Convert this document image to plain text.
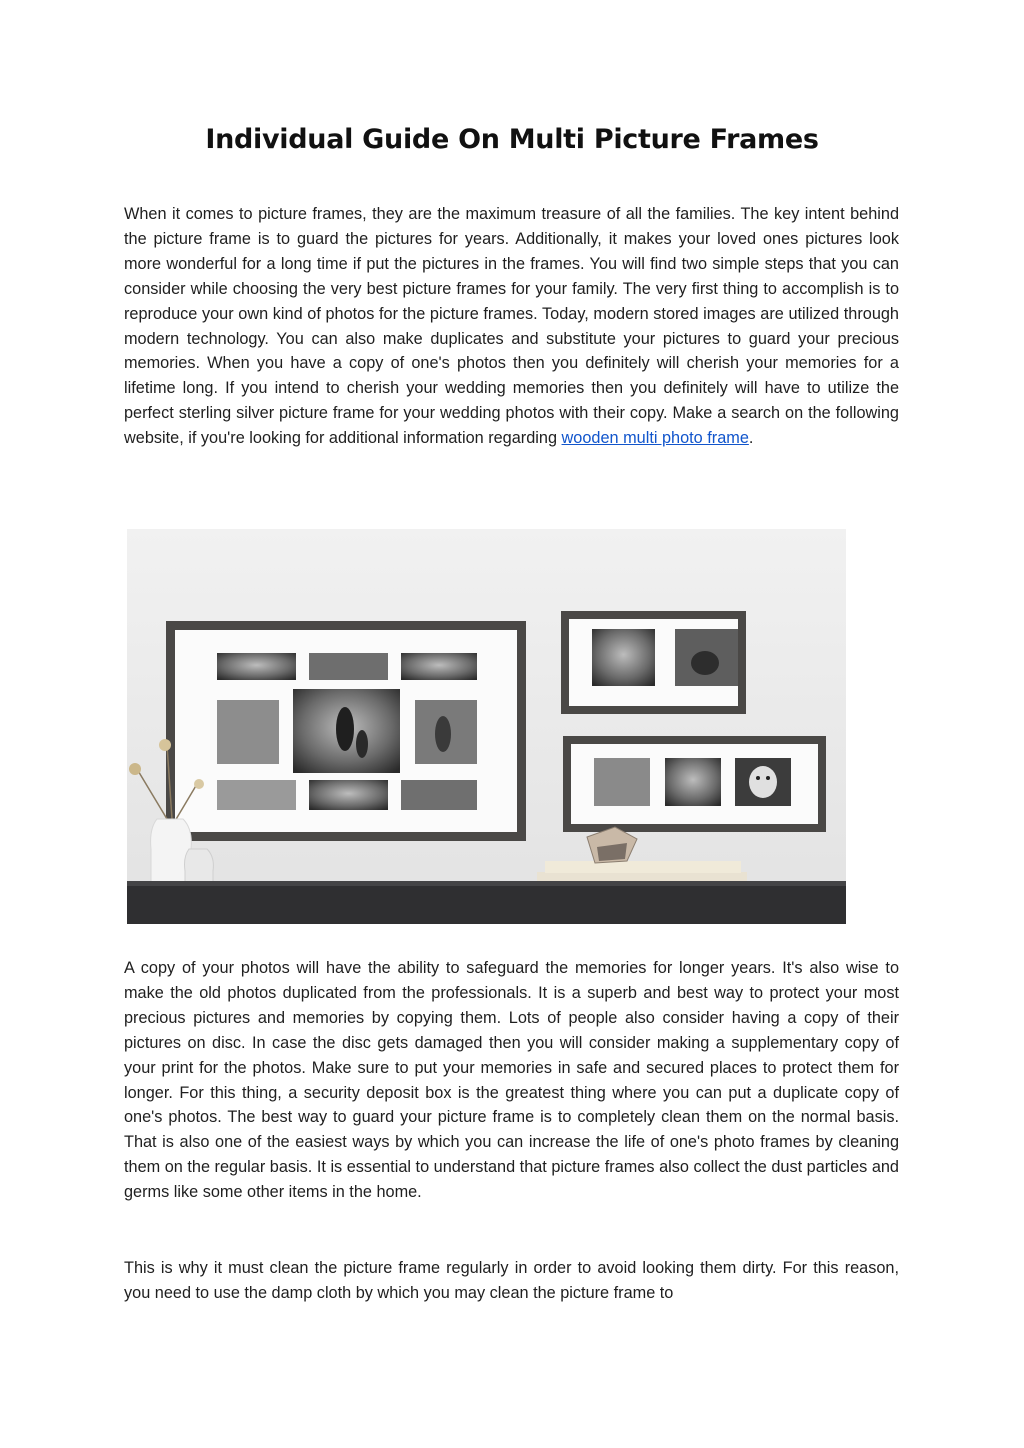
Individual Guide On Multi Picture Frames

When it comes to picture frames, they are the maximum treasure of all the families. The key intent behind the picture frame is to guard the pictures for years. Additionally, it makes your loved ones pictures look more wonderful for a long time if put the pictures in the frames. You will find two simple steps that you can consider while choosing the very best picture frames for your family. The very first thing to accomplish is to reproduce your own kind of photos for the picture frames. Today, modern stored images are utilized through modern technology. You can also make duplicates and substitute your pictures to guard your precious memories. When you have a copy of one's photos then you definitely will cherish your memories for a lifetime long. If you intend to cherish your wedding memories then you definitely will have to utilize the perfect sterling silver picture frame for your wedding photos with their copy. Make a search on the following website, if you're looking for additional information regarding wooden multi photo frame.

A copy of your photos will have the ability to safeguard the memories for longer years. It's also wise to make the old photos duplicated from the professionals. It is a superb and best way to protect your most precious pictures and memories by copying them. Lots of people also consider having a copy of their pictures on disc. In case the disc gets damaged then you will consider making a supplementary copy of your print for the photos. Make sure to put your memories in safe and secured places to protect them for longer. For this thing, a security deposit box is the greatest thing where you can put a duplicate copy of one's photos. The best way to guard your picture frame is to completely clean them on the normal basis. That is also one of the easiest ways by which you can increase the life of one's photo frames by cleaning them on the regular basis. It is essential to understand that picture frames also collect the dust particles and germs like some other items in the home.

This is why it must clean the picture frame regularly in order to avoid looking them dirty. For this reason, you need to use the damp cloth by which you may clean the picture frame to
